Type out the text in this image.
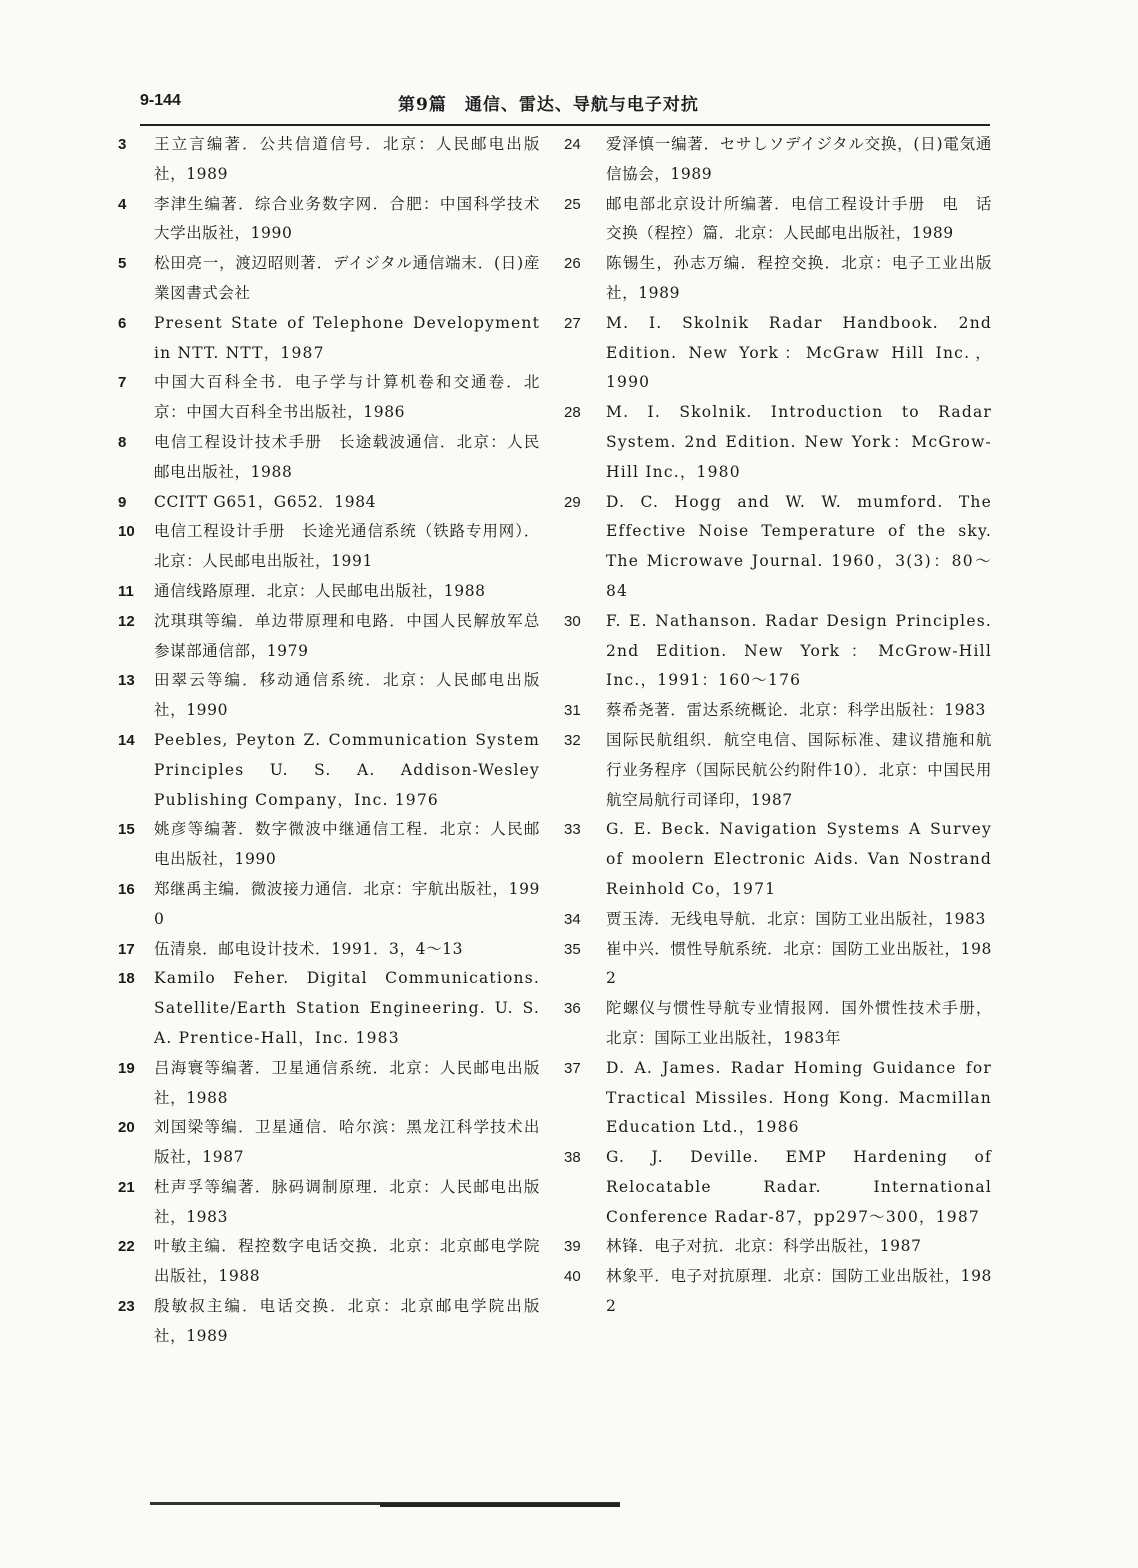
9-144	第9篇　通信、雷达、导航与电子对抗
3	王立言编著．公共信道信号．北京：人民邮电出版社，1989
4	李津生编著．综合业务数字网．合肥：中国科学技术大学出版社，1990
5	松田亮一，渡辺昭则著．デイジタル通信端末．(日)産業図書式会社
6	Present State of Telephone Developyment in NTT. NTT，1987
7	中国大百科全书．电子学与计算机卷和交通卷．北京：中国大百科全书出版社，1986
8	电信工程设计技术手册　长途载波通信．北京：人民邮电出版社，1988
9	CCITT G651，G652．1984
10	电信工程设计手册　长途光通信系统（铁路专用网）．北京：人民邮电出版社，1991
11	通信线路原理．北京：人民邮电出版社，1988
12	沈琪琪等编．单边带原理和电路．中国人民解放军总参谋部通信部，1979
13	田翠云等编．移动通信系统．北京：人民邮电出版社，1990
14	Peebles, Peyton Z. Communication System Principles U. S. A. Addison-Wesley Publishing Company，Inc. 1976
15	姚彦等编著．数字微波中继通信工程．北京：人民邮电出版社，1990
16	郑继禹主编．微波接力通信．北京：宇航出版社，1990
17	伍清泉．邮电设计技术．1991．3，4～13
18	Kamilo Feher. Digital Communications. Satellite/Earth Station Engineering. U. S. A. Prentice-Hall，Inc. 1983
19	吕海寰等编著．卫星通信系统．北京：人民邮电出版社，1988
20	刘国梁等编．卫星通信．哈尔滨：黑龙江科学技术出版社，1987
21	杜声孚等编著．脉码调制原理．北京：人民邮电出版社，1983
22	叶敏主编．程控数字电话交换．北京：北京邮电学院出版社，1988
23	殷敏叔主编．电话交换．北京：北京邮电学院出版社，1989
24	爱泽慎一编著．セサしソデイジタル交换，(日)電気通信協会，1989
25	邮电部北京设计所编著．电信工程设计手册　电　话交换（程控）篇．北京：人民邮电出版社，1989
26	陈锡生，孙志万编．程控交换．北京：电子工业出版社，1989
27	M. I. Skolnik Radar Handbook. 2nd Edition. New York：McGraw Hill Inc.，1990
28	M. I. Skolnik. Introduction to Radar System. 2nd Edition. New York：McGrow-Hill Inc.，1980
29	D. C. Hogg and W. W. mumford. The Effective Noise Temperature of the sky. The Microwave Journal. 1960，3(3)：80～84
30	F. E. Nathanson. Radar Design Principles. 2nd Edition. New York：McGrow-Hill Inc.，1991：160～176
31	蔡希尧著．雷达系统概论．北京：科学出版社：1983
32	国际民航组织．航空电信、国际标准、建议措施和航行业务程序（国际民航公约附件10）．北京：中国民用航空局航行司译印，1987
33	G. E. Beck. Navigation Systems A Survey of moolern Electronic Aids. Van Nostrand Reinhold Co，1971
34	贾玉涛．无线电导航．北京：国防工业出版社，1983
35	崔中兴．惯性导航系统．北京：国防工业出版社，1982
36	陀螺仪与惯性导航专业情报网．国外惯性技术手册，北京：国际工业出版社，1983年
37	D. A. James. Radar Homing Guidance for Tractical Missiles. Hong Kong. Macmillan Education Ltd.，1986
38	G. J. Deville. EMP Hardening of Relocatable Radar. International Conference Radar-87，pp297～300，1987
39	林锋．电子对抗．北京：科学出版社，1987
40	林象平．电子对抗原理．北京：国防工业出版社，1982
